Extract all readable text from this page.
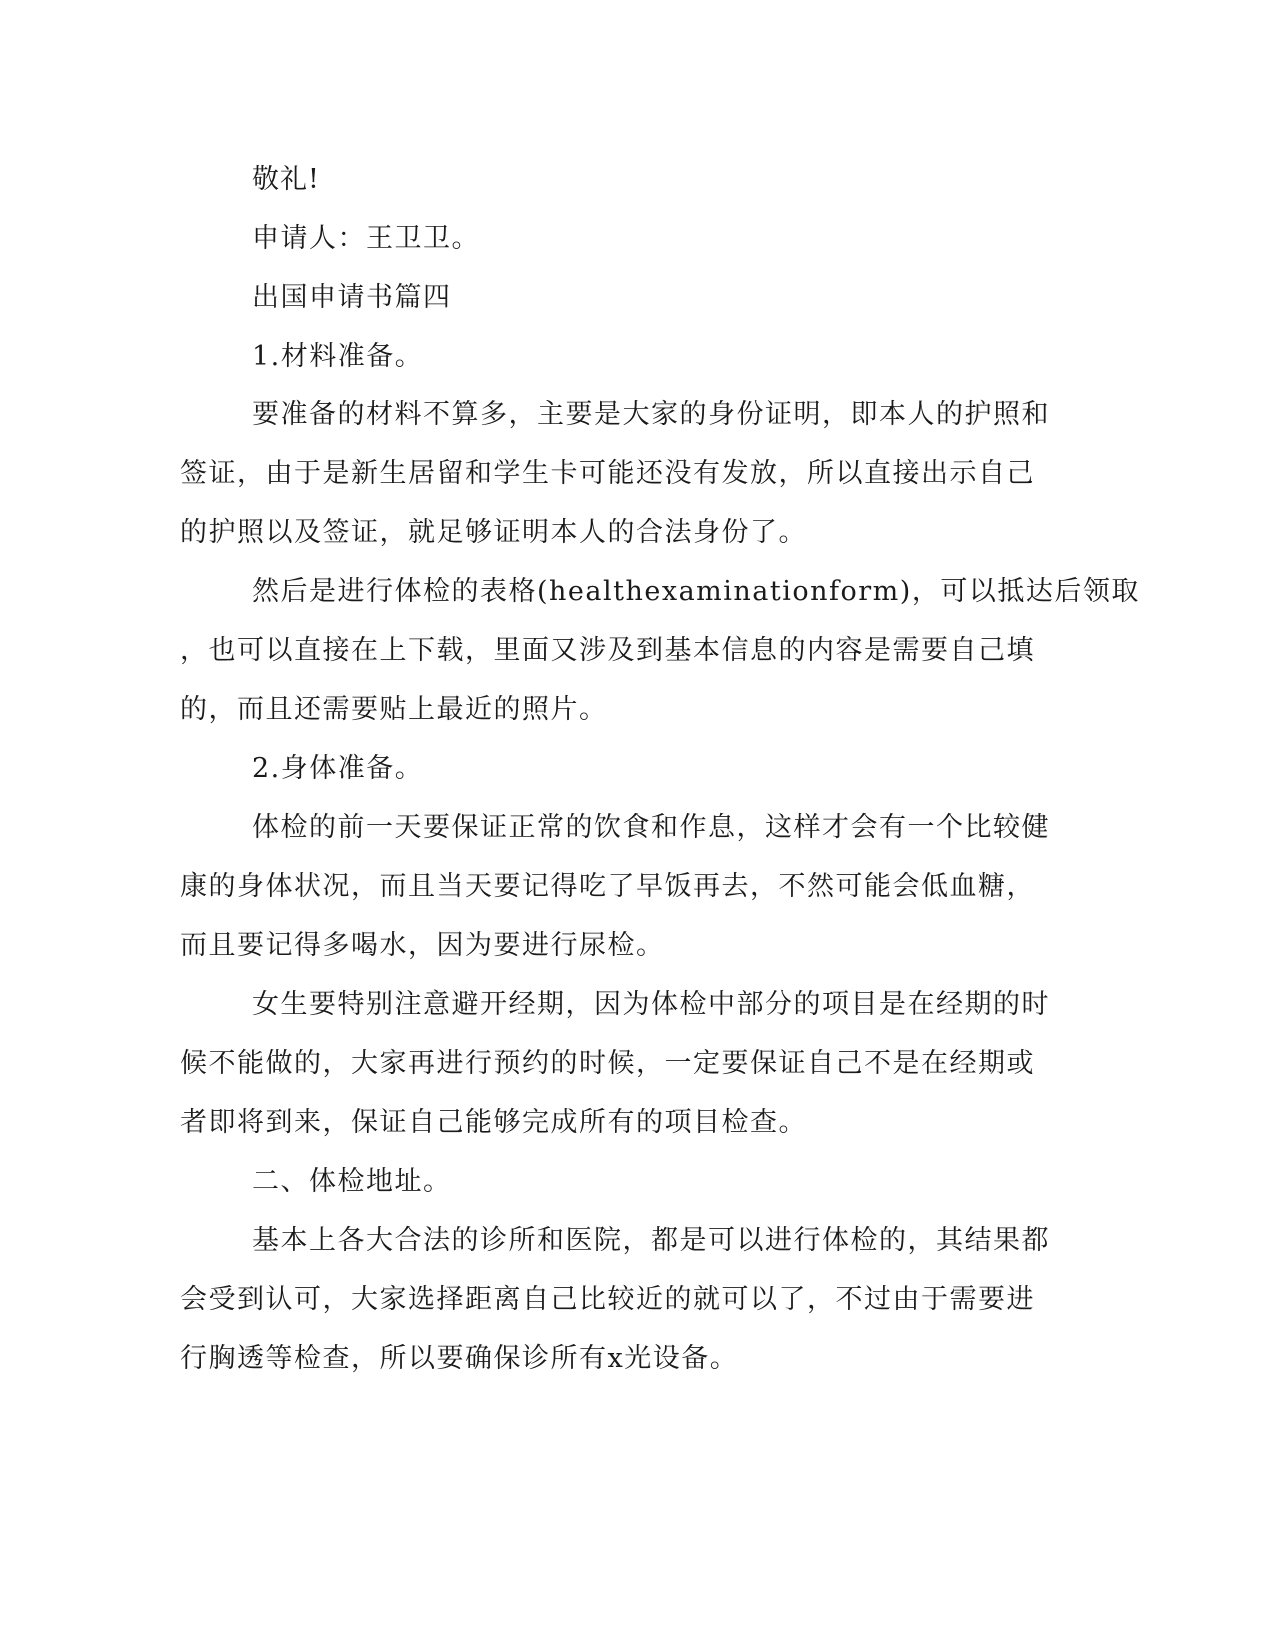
敬礼!
申请人：王卫卫。
出国申请书篇四
1.材料准备。
要准备的材料不算多，主要是大家的身份证明，即本人的护照和
签证，由于是新生居留和学生卡可能还没有发放，所以直接出示自己
的护照以及签证，就足够证明本人的合法身份了。
然后是进行体检的表格(healthexaminationform)，可以抵达后领取
，也可以直接在上下载，里面又涉及到基本信息的内容是需要自己填
的，而且还需要贴上最近的照片。
2.身体准备。
体检的前一天要保证正常的饮食和作息，这样才会有一个比较健
康的身体状况，而且当天要记得吃了早饭再去，不然可能会低血糖，
而且要记得多喝水，因为要进行尿检。
女生要特别注意避开经期，因为体检中部分的项目是在经期的时
候不能做的，大家再进行预约的时候，一定要保证自己不是在经期或
者即将到来，保证自己能够完成所有的项目检查。
二、体检地址。
基本上各大合法的诊所和医院，都是可以进行体检的，其结果都
会受到认可，大家选择距离自己比较近的就可以了，不过由于需要进
行胸透等检查，所以要确保诊所有x光设备。
